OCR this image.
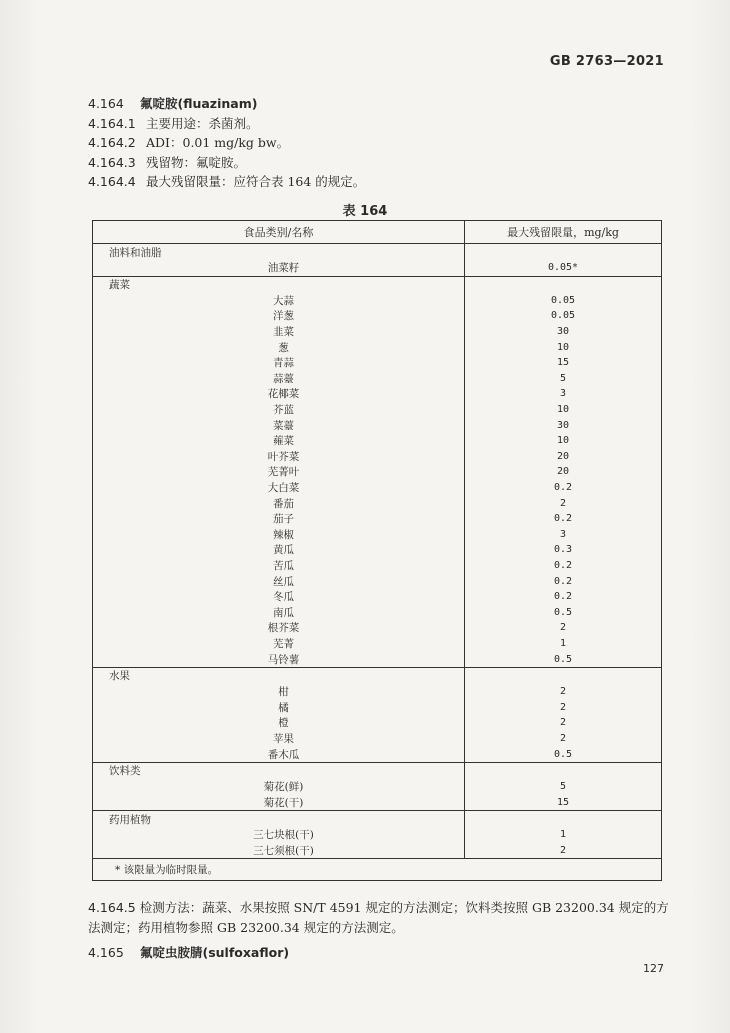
GB 2763—2021
4.164 氟啶胺(fluazinam)
4.164.1 主要用途：杀菌剂。
4.164.2 ADI：0.01 mg/kg bw。
4.164.3 残留物：氟啶胺。
4.164.4 最大残留限量：应符合表 164 的规定。
表 164
食品类别/名称	最大残留限量，mg/kg
油料和油脂	
油菜籽	0.05*
蔬菜	
大蒜	0.05
洋葱	0.05
韭菜	30
葱	10
青蒜	15
蒜薹	5
花椰菜	3
芥蓝	10
菜薹	30
蕹菜	10
叶芥菜	20
芜菁叶	20
大白菜	0.2
番茄	2
茄子	0.2
辣椒	3
黄瓜	0.3
苦瓜	0.2
丝瓜	0.2
冬瓜	0.2
南瓜	0.5
根芥菜	2
芜菁	1
马铃薯	0.5
水果	
柑	2
橘	2
橙	2
苹果	2
番木瓜	0.5
饮料类	
菊花(鲜)	5
菊花(干)	15
药用植物	
三七块根(干)	1
三七须根(干)	2
* 该限量为临时限量。	
4.164.5 检测方法：蔬菜、水果按照 SN/T 4591 规定的方法测定；饮料类按照 GB 23200.34 规定的方法测定；药用植物参照 GB 23200.34 规定的方法测定。
4.165 氟啶虫胺腈(sulfoxaflor)
127
